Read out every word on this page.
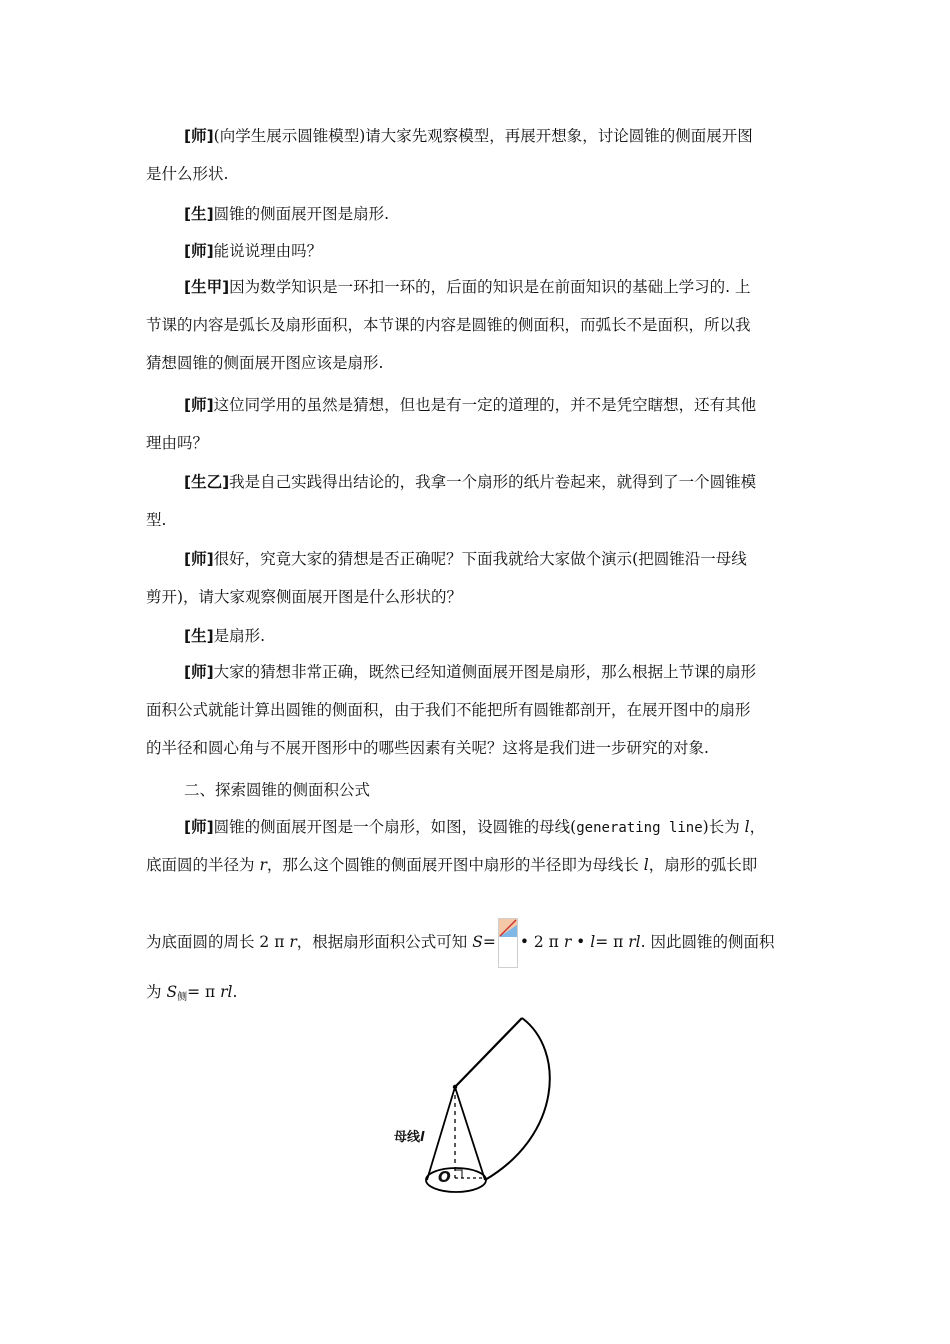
[师](向学生展示圆锥模型)请大家先观察模型，再展开想象，讨论圆锥的侧面展开图
是什么形状.
[生]圆锥的侧面展开图是扇形.
[师]能说说理由吗？
[生甲]因为数学知识是一环扣一环的，后面的知识是在前面知识的基础上学习的. 上
节课的内容是弧长及扇形面积，本节课的内容是圆锥的侧面积，而弧长不是面积，所以我
猜想圆锥的侧面展开图应该是扇形.
[师]这位同学用的虽然是猜想，但也是有一定的道理的，并不是凭空瞎想，还有其他
理由吗？
[生乙]我是自己实践得出结论的，我拿一个扇形的纸片卷起来，就得到了一个圆锥模
型.
[师]很好，究竟大家的猜想是否正确呢？下面我就给大家做个演示(把圆锥沿一母线
剪开)，请大家观察侧面展开图是什么形状的？
[生]是扇形.
[师]大家的猜想非常正确，既然已经知道侧面展开图是扇形，那么根据上节课的扇形
面积公式就能计算出圆锥的侧面积，由于我们不能把所有圆锥都剖开，在展开图中的扇形
的半径和圆心角与不展开图形中的哪些因素有关呢？这将是我们进一步研究的对象.
二、探索圆锥的侧面积公式
[师]圆锥的侧面展开图是一个扇形，如图，设圆锥的母线(generating line)长为 l，
底面圆的半径为 r，那么这个圆锥的侧面展开图中扇形的半径即为母线长 l，扇形的弧长即
为底面圆的周长 2 π r，根据扇形面积公式可知 S= • 2 π r • l= π rl. 因此圆锥的侧面积
为 $S_侧= \pi$ rl.
母线l
O
